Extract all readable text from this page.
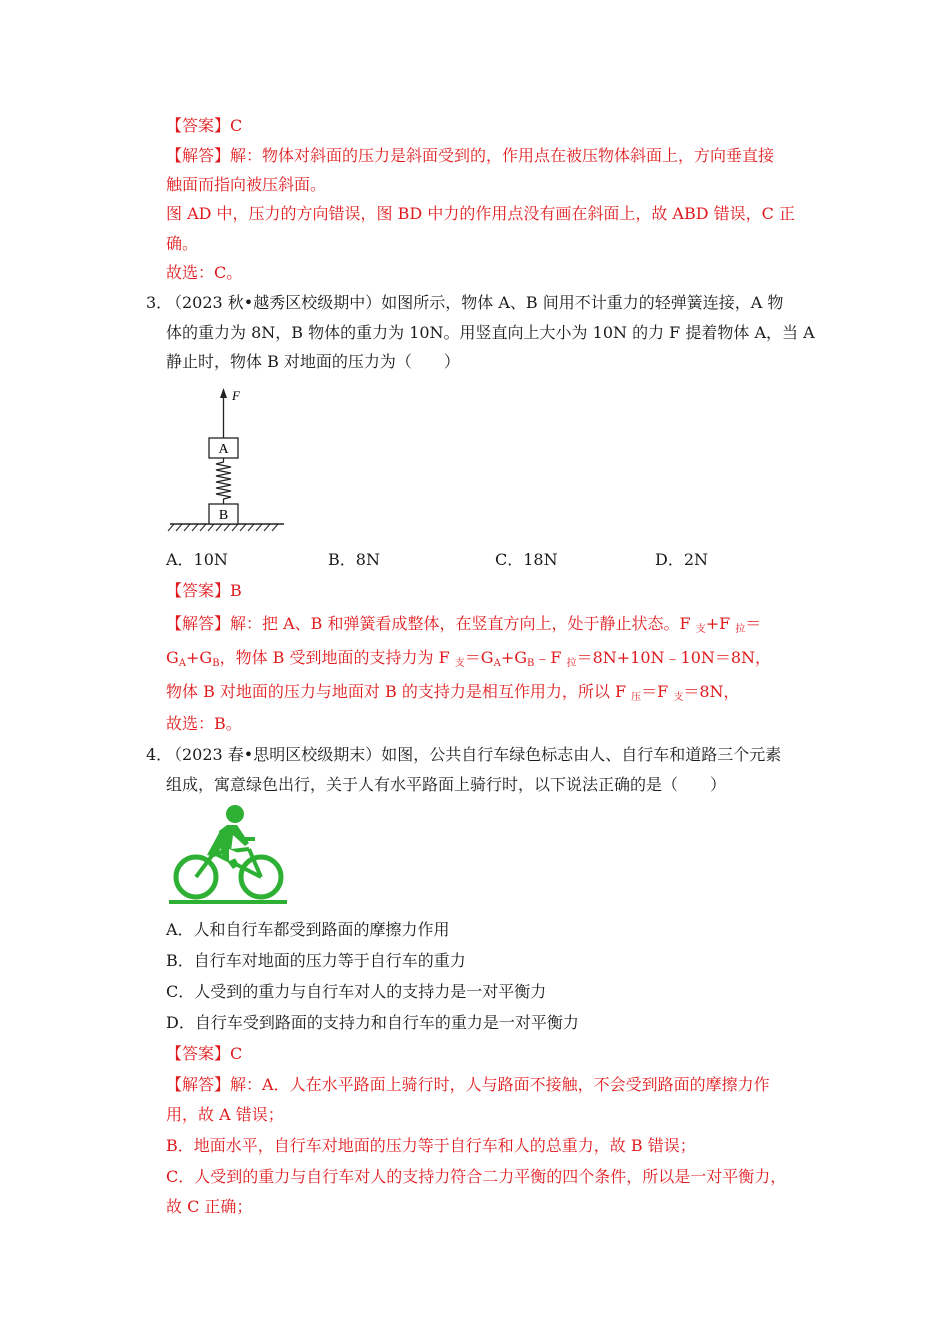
【答案】C
【解答】解：物体对斜面的压力是斜面受到的，作用点在被压物体斜面上，方向垂直接
触面而指向被压斜面。
图 AD 中，压力的方向错误，图 BD 中力的作用点没有画在斜面上，故 ABD 错误，C 正
确。
故选：C。
3．
（2023 秋•越秀区校级期中）如图所示，物体 A、B 间用不计重力的轻弹簧连接，A 物
体的重力为 8N，B 物体的重力为 10N。用竖直向上大小为 10N 的力 F 提着物体 A，当 A
静止时，物体 B 对地面的压力为（　　）
B
A
F
A．10N	B．8N	C．18N	D．2N
【答案】B
【解答】解：把 A、B 和弹簧看成整体，在竖直方向上，处于静止状态。F $_支$+F $_拉$＝
$G_A+G_B$，物体 B 受到地面的支持力为 F $_支=G_A+G_B﹣F$ $_拉$＝8N+10N﹣10N＝8N，
物体 B 对地面的压力与地面对 B 的支持力是相互作用力，所以 F $_压$＝F $_支$＝8N，
故选：B。
4．
（2023 春•思明区校级期末）如图，公共自行车绿色标志由人、自行车和道路三个元素
组成，寓意绿色出行，关于人有水平路面上骑行时，以下说法正确的是（　　）
A．人和自行车都受到路面的摩擦力作用
B．自行车对地面的压力等于自行车的重力
C．人受到的重力与自行车对人的支持力是一对平衡力
D．自行车受到路面的支持力和自行车的重力是一对平衡力
【答案】C
【解答】解：A．人在水平路面上骑行时，人与路面不接触，不会受到路面的摩擦力作
用，故 A 错误；
B．地面水平，自行车对地面的压力等于自行车和人的总重力，故 B 错误；
C．人受到的重力与自行车对人的支持力符合二力平衡的四个条件，所以是一对平衡力，
故 C 正确；
